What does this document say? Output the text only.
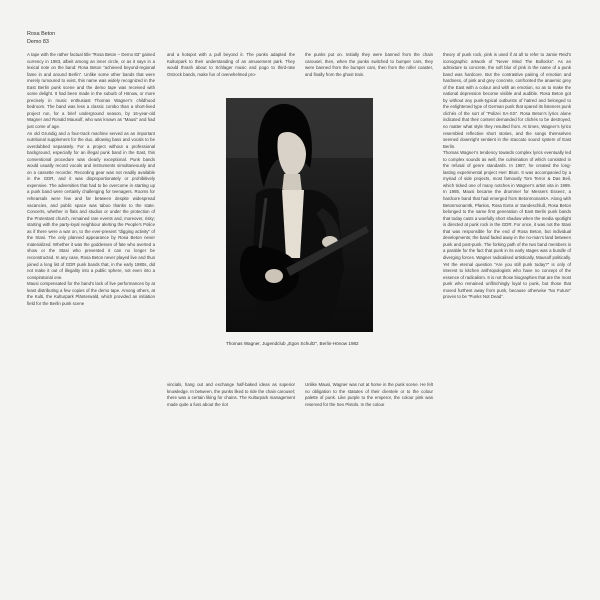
Rosa Beton
Demo 83

A tape with the rather factual title “Rosa Beton – Demo 83” gained currency in 1983, albeit among an inner circle, or as it says in a lexical note on the band: Rosa Beton “achieved beyond-regional fame in and around Berlin”. Unlike some other bands that were merely rumoured to exist, this name was widely recognized in the East Berlin punk scene and the demo tape was received with some delight. It had been made in the suburb of Hönow, or more precisely in music enthusiast Thomas Wagner’s childhood bedroom. The band was less a classic combo than a short-lived project run, for a brief underground season, by 16-year-old Wagner and Ronald Mausolf, who was known as “Mausi” and had just come of age.

An old Grundig and a four-track machine served as an important nutritional supplement for the duo, allowing bass and vocals to be overdubbed separately. For a project without a professional background, especially for an illegal punk band in the East, this conventional procedure was clearly exceptional. Punk bands would usually record vocals and instruments simultaneously and on a cassette recorder. Recording gear was not readily available in the GDR, and it was disproportionately or prohibitively expensive. The adversities that had to be overcome in starting up a punk band were certainly challenging for teenagers. Rooms for rehearsals were few and far between despite widespread vacancies, and public space was taboo thanks to the state. Concerts, whether in flats and studios or under the protection of the Protestant church, remained rare events and, moreover, risky; starting with the party-loyal neighbour alerting the People’s Police as if there were a war on, to the ever-present “digging activity” of the Stasi. The only planned appearance by Rosa Beton never materialized. Whether it was the goddesses of fate who averted a show or the Stasi who prevented it can no longer be reconstructed. In any case, Rosa Beton never played live and thus joined a long list of GDR punk bands that, in the early 1980s, did not make it out of illegality into a public sphere, not even into a conspiratorial one.

Mausi compensated for the band’s lack of live performances by at least distributing a few copies of the demo tape. Among others, at the Kulti, the Kulturpark Plänterwald, which provided an initiation field for the Berlin punk scene

and a hotspot with a pull beyond it. The punks adapted the Kulturpark to their understanding of an amusement park. They would thrash about to Schlager music and pogo to third-rate Ostrock bands, make fun of overwhelmed pro-

the punks put on. Initially they were banned from the chain carousel, then, when the punks switched to bumper cars, they were banned from the bumper cars, then from the roller coaster, and finally from the ghost train.

Thomas Wagner, Jugendclub „Egon Schultz“, Berlin-Hönow 1982

vincials, hang out and exchange half-baked ideas as superior knowledge. In between, the punks liked to ride the chain carousel; there was a certain liking for chains. The Kulturpark management made quite a fuss about the riot

Unlike Mausi, Wagner was not at home in the punk scene. He felt no obligation to the statutes of their clientele or to the colour palette of punk. Like purple to the emperor, the colour pink was reserved for the Sex Pistols. In the colour

theory of punk rock, pink is used if at all to refer to Jamie Reid’s iconographic artwork of “Never Mind The Bollocks”. As an admixture to concrete, the soft blur of pink in the name of a punk band was hardcore. But the contrastive pairing of emotion and hardness, of pink and grey concrete, confronted the anaemic grey of the East with a colour and with an emotion, so as to make the national depression become visible and audible. Rosa Beton got by without any punk-typical outbursts of hatred and belonged to the enlightened type of German punk that spared its listeners punk clichés of the sort of “Polizei SA-SS”. Rosa Beton’s lyrics alone indicated that their content demanded for clichés to be destroyed, no matter what style they resulted from. At times, Wagner’s lyrics resembled reflective short stories, and the songs themselves seemed downright sentient in the staccato sound system of East Berlin.

Thomas Wagner’s tendency towards complex lyrics eventually led to complex sounds as well, the culmination of which consisted in the refusal of genre standards. In 1987, he created the long-lasting experimental project Herr Blum. It was accompanied by a myriad of side projects, most famously Tom Terror & Das Beil, which ticked one of many notches in Wagner’s artist vita in 1989. In 1985, Mausi became the drummer for Messers Esseez, a hardcore band that had emerged from BetonmonamtA. Along with Betonmonamtk, Planlos, Rosa Extra or Sandeschluß, Rosa Beton belonged to the same first generation of East Berlin punk bands that today casts a woefully short shadow when the media spotlight is directed at punk rock in the GDR. For once, it was not the Stasi that was responsible for the end of Rosa Beton, but individual developments; the band faded away in the no-man’s land between punk and post-punk. The forking path of the two band members is a parable for the fact that punk in its early stages was a bundle of diverging forces. Wagner radicalised artistically, Mausolf politically. Yet the eternal question “Are you still punk today?” is only of interest to kitchen anthropologists who have no concept of the essence of radicalism. It is not those biographies that are the most punk who remained unflinchingly loyal to punk, but those that moved furthest away from punk, because otherwise “No Future” proves to be “Punks Not Dead”.
